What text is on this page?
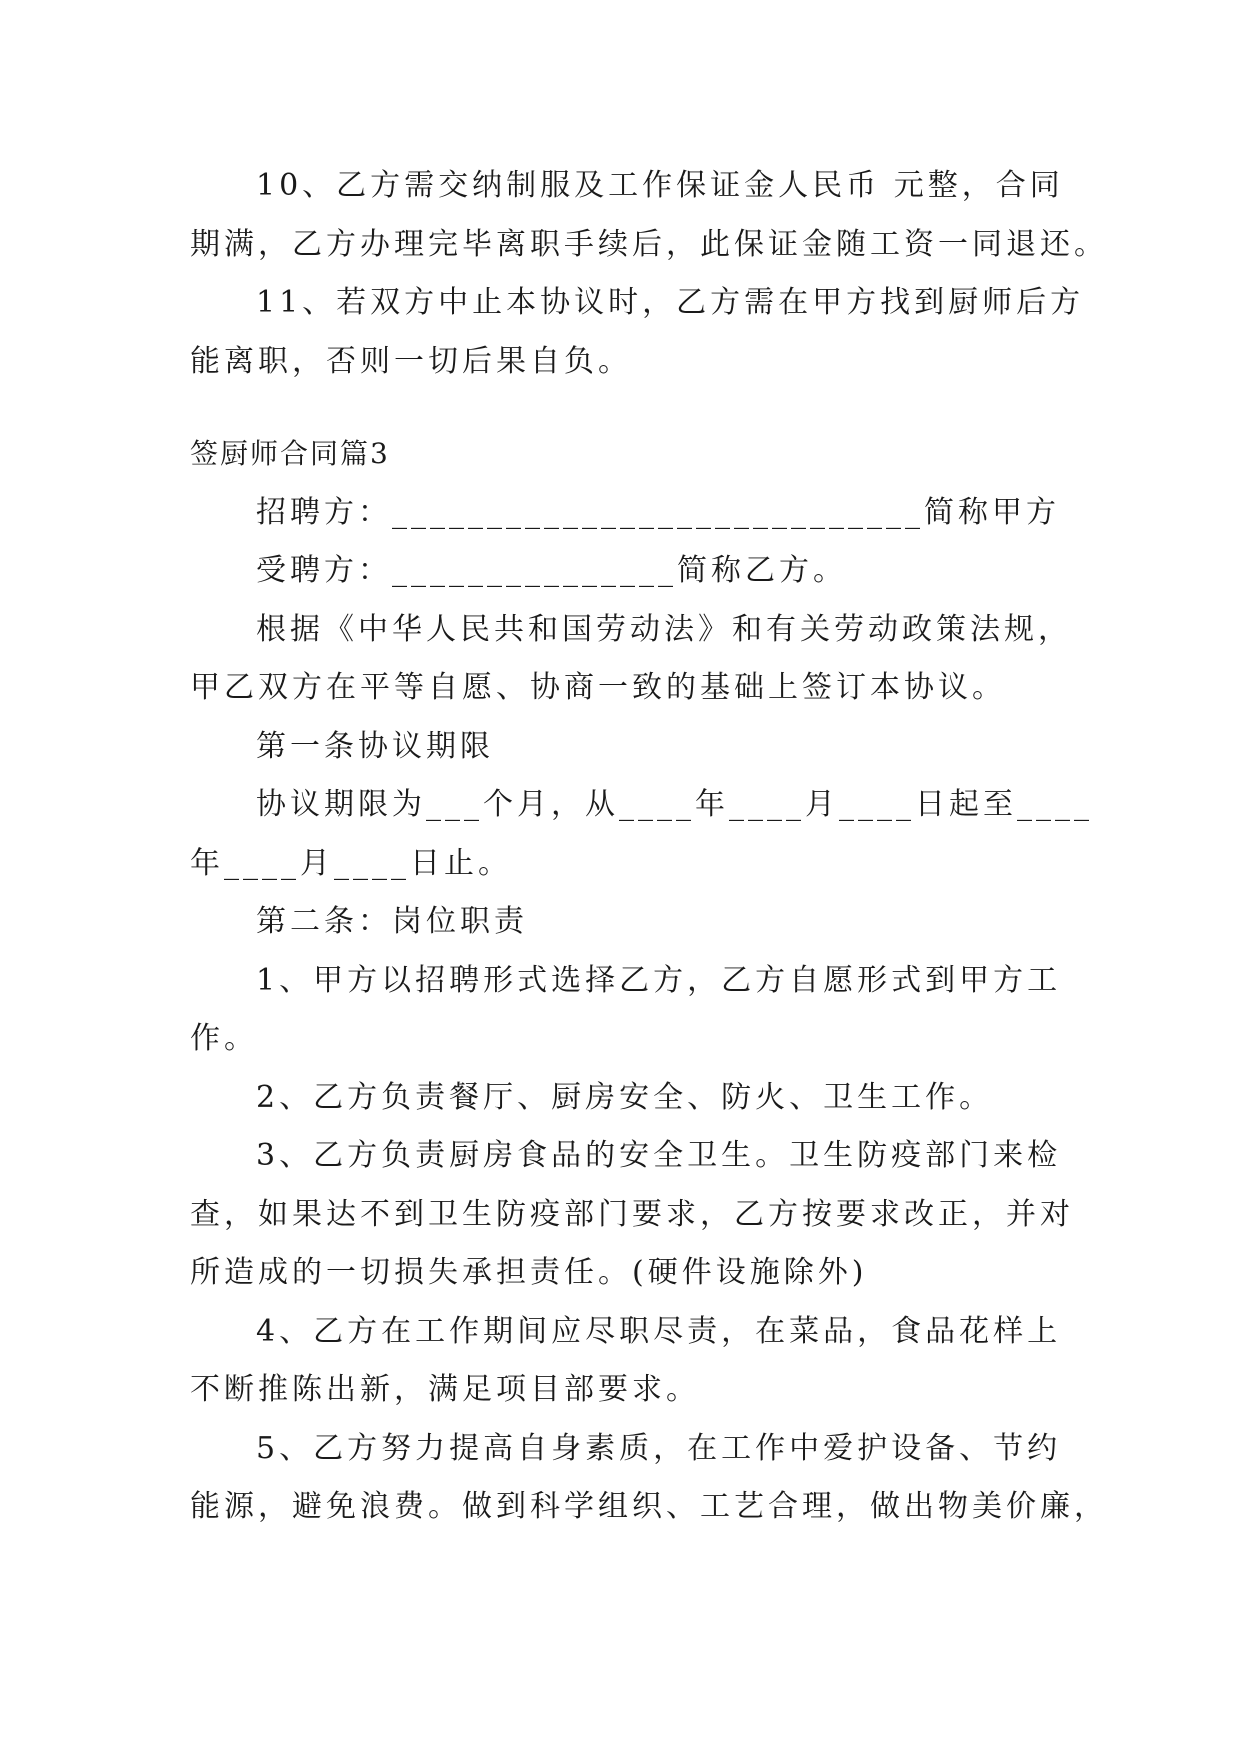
10、乙方需交纳制服及工作保证金人民币 元整，合同
期满，乙方办理完毕离职手续后，此保证金随工资一同退还。
11、若双方中止本协议时，乙方需在甲方找到厨师后方
能离职，否则一切后果自负。
签厨师合同篇3
招聘方：____________________________简称甲方
受聘方：_______________简称乙方。
根据《中华人民共和国劳动法》和有关劳动政策法规，
甲乙双方在平等自愿、协商一致的基础上签订本协议。
第一条协议期限
协议期限为___个月，从____年____月____日起至____
年____月____日止。
第二条：岗位职责
1、甲方以招聘形式选择乙方，乙方自愿形式到甲方工
作。
2、乙方负责餐厅、厨房安全、防火、卫生工作。
3、乙方负责厨房食品的安全卫生。卫生防疫部门来检
查，如果达不到卫生防疫部门要求，乙方按要求改正，并对
所造成的一切损失承担责任。(硬件设施除外)
4、乙方在工作期间应尽职尽责，在菜品，食品花样上
不断推陈出新，满足项目部要求。
5、乙方努力提高自身素质，在工作中爱护设备、节约
能源，避免浪费。做到科学组织、工艺合理，做出物美价廉，
